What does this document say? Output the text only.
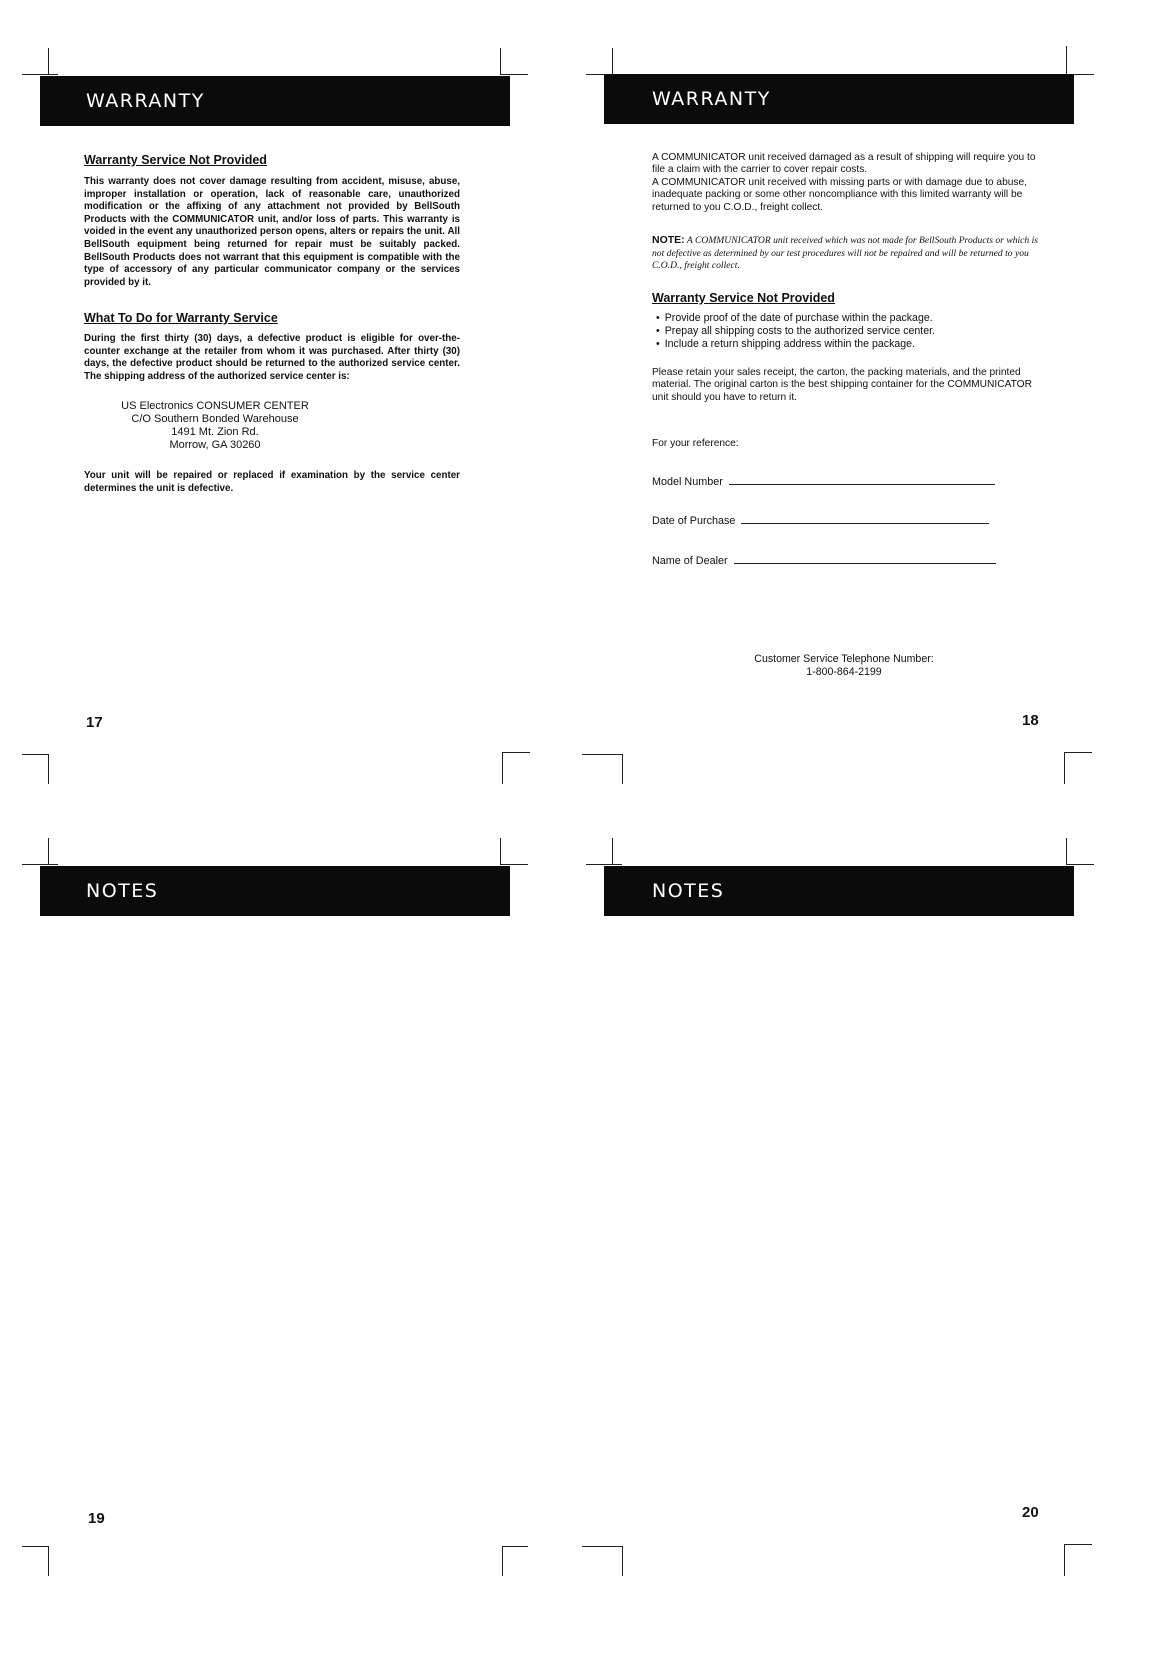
WARRANTY
Warranty Service Not Provided
This warranty does not cover damage resulting from accident, misuse, abuse, improper installation or operation, lack of reasonable care, unauthorized modification or the affixing of any attachment not provided by BellSouth Products with the COMMUNICATOR unit, and/or loss of parts. This warranty is voided in the event any unauthorized person opens, alters or repairs the unit. All BellSouth equipment being returned for repair must be suitably packed. BellSouth Products does not warrant that this equipment is compatible with the type of accessory of any particular communicator company or the services provided by it.
What To Do for Warranty Service
During the first thirty (30) days, a defective product is eligible for over-the-counter exchange at the retailer from whom it was purchased. After thirty (30) days, the defective product should be returned to the authorized service center. The shipping address of the authorized service center is:
US Electronics CONSUMER CENTER
C/O Southern Bonded Warehouse
1491 Mt. Zion Rd.
Morrow, GA 30260
Your unit will be repaired or replaced if examination by the service center determines the unit is defective.
17
WARRANTY
A COMMUNICATOR unit received damaged as a result of shipping will require you to file a claim with the carrier to cover repair costs.
A COMMUNICATOR unit received with missing parts or with damage due to abuse, inadequate packing or some other noncompliance with this limited warranty will be returned to you C.O.D., freight collect.
NOTE: A COMMUNICATOR unit received which was not made for BellSouth Products or which is not defective as determined by our test procedures will not be repaired and will be returned to you C.O.D., freight collect.
Warranty Service Not Provided
• Provide proof of the date of purchase within the package.
• Prepay all shipping costs to the authorized service center.
• Include a return shipping address within the package.
Please retain your sales receipt, the carton, the packing materials, and the printed material. The original carton is the best shipping container for the COMMUNICATOR unit should you have to return it.
For your reference:
Model Number
Date of Purchase
Name of Dealer
Customer Service Telephone Number:
1-800-864-2199
18
NOTES
19
NOTES
20
